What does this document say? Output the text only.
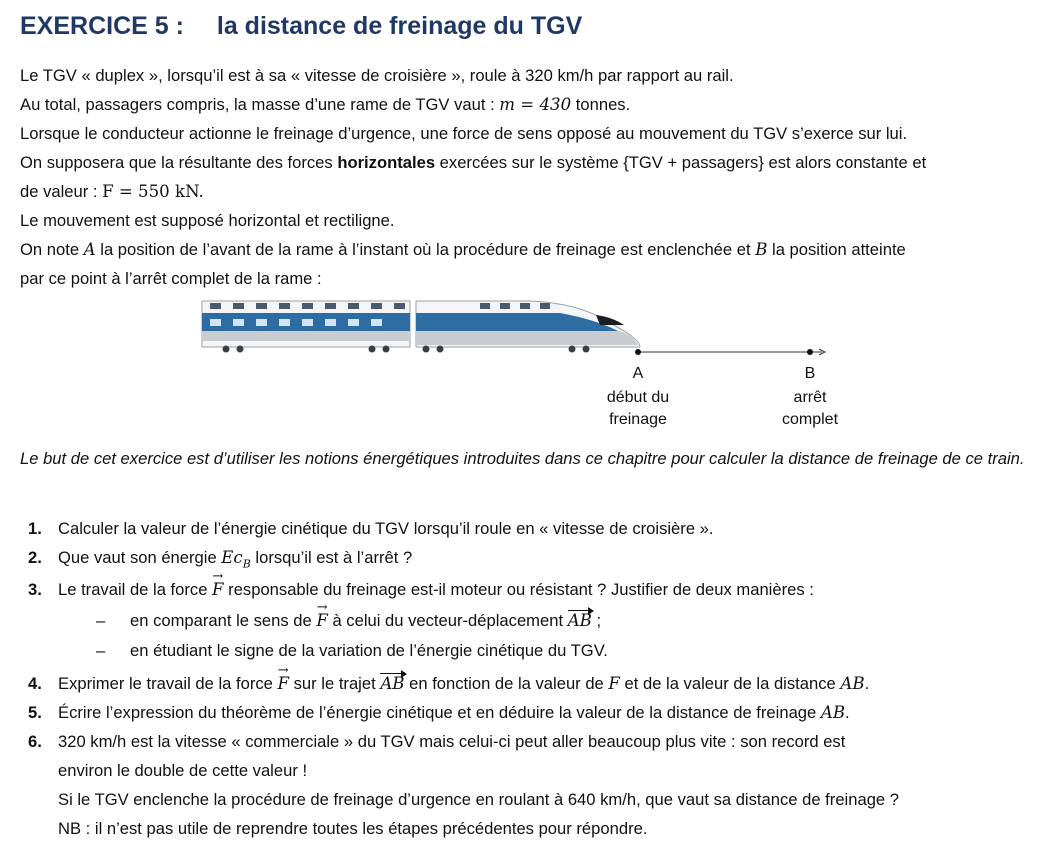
EXERCICE 5 : la distance de freinage du TGV

Le TGV « duplex », lorsqu’il est à sa « vitesse de croisière », roule à 320 km/h par rapport au rail.

Au total, passagers compris, la masse d’une rame de TGV vaut : m = 430 tonnes.

Lorsque le conducteur actionne le freinage d’urgence, une force de sens opposé au mouvement du TGV s’exerce sur lui.

On supposera que la résultante des forces horizontales exercées sur le système {TGV + passagers} est alors constante et

de valeur : F = 550 kN.

Le mouvement est supposé horizontal et rectiligne.

On note A la position de l’avant de la rame à l’instant où la procédure de freinage est enclenchée et B la position atteinte

par ce point à l’arrêt complet de la rame :

A
début du
freinage
B
arrêt
complet

Le but de cet exercice est d’utiliser les notions énergétiques introduites dans ce chapitre pour calculer la distance de freinage de ce train.

1. Calculer la valeur de l’énergie cinétique du TGV lorsqu’il roule en « vitesse de croisière ».
2. Que vaut son énergie $Ec_B$ lorsqu’il est à l’arrêt ?
3. Le travail de la force → F responsable du freinage est-il moteur ou résistant ? Justifier de deux manières :
– en comparant le sens de → F à celui du vecteur-déplacement AB ;
– en étudiant le signe de la variation de l’énergie cinétique du TGV.
4. Exprimer le travail de la force → F sur le trajet AB en fonction de la valeur de F et de la valeur de la distance AB.
5. Écrire l’expression du théorème de l’énergie cinétique et en déduire la valeur de la distance de freinage AB.
6. 320 km/h est la vitesse « commerciale » du TGV mais celui-ci peut aller beaucoup plus vite : son record est
environ le double de cette valeur !
Si le TGV enclenche la procédure de freinage d’urgence en roulant à 640 km/h, que vaut sa distance de freinage ?
NB : il n’est pas utile de reprendre toutes les étapes précédentes pour répondre.
